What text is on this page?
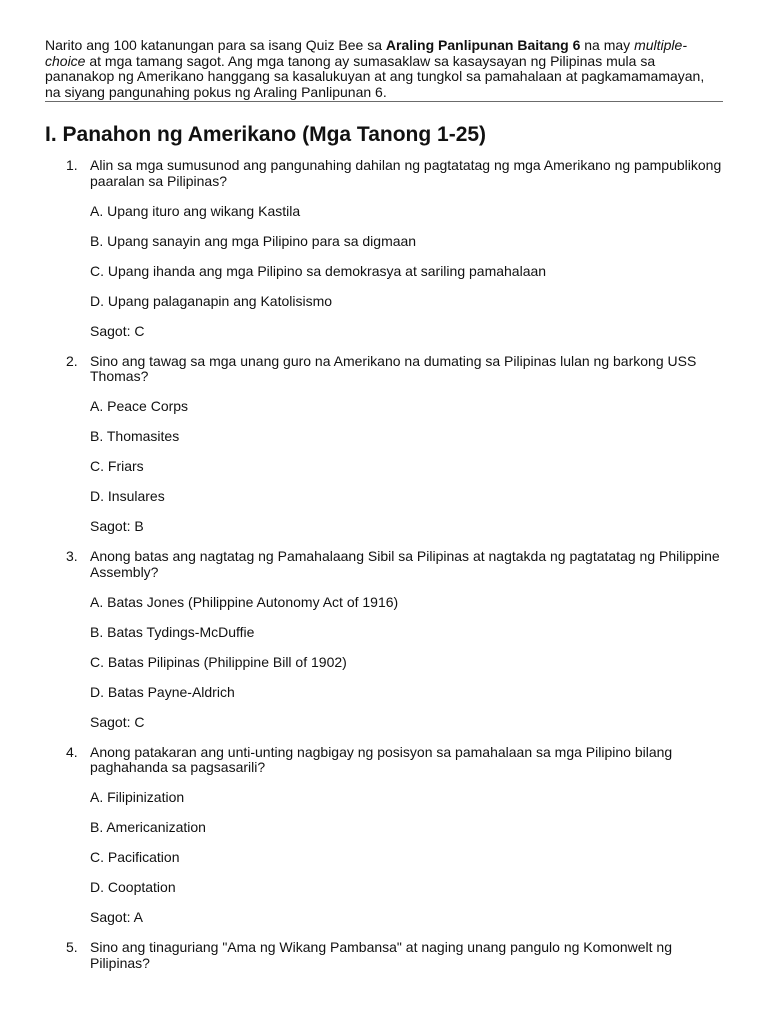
Narito ang 100 katanungan para sa isang Quiz Bee sa Araling Panlipunan Baitang 6 na may multiple-choice at mga tamang sagot. Ang mga tanong ay sumasaklaw sa kasaysayan ng Pilipinas mula sa pananakop ng Amerikano hanggang sa kasalukuyan at ang tungkol sa pamahalaan at pagkamamamayan, na siyang pangunahing pokus ng Araling Panlipunan 6.

I. Panahon ng Amerikano (Mga Tanong 1-25)
1. Alin sa mga sumusunod ang pangunahing dahilan ng pagtatatag ng mga Amerikano ng pampublikong paaralan sa Pilipinas?

A. Upang ituro ang wikang Kastila

B. Upang sanayin ang mga Pilipino para sa digmaan

C. Upang ihanda ang mga Pilipino sa demokrasya at sariling pamahalaan

D. Upang palaganapin ang Katolisismo

Sagot: C

2. Sino ang tawag sa mga unang guro na Amerikano na dumating sa Pilipinas lulan ng barkong USS Thomas?

A. Peace Corps

B. Thomasites

C. Friars

D. Insulares

Sagot: B

3. Anong batas ang nagtatag ng Pamahalaang Sibil sa Pilipinas at nagtakda ng pagtatatag ng Philippine Assembly?

A. Batas Jones (Philippine Autonomy Act of 1916)

B. Batas Tydings-McDuffie

C. Batas Pilipinas (Philippine Bill of 1902)

D. Batas Payne-Aldrich

Sagot: C

4. Anong patakaran ang unti-unting nagbigay ng posisyon sa pamahalaan sa mga Pilipino bilang paghahanda sa pagsasarili?

A. Filipinization

B. Americanization

C. Pacification

D. Cooptation

Sagot: A

5. Sino ang tinaguriang "Ama ng Wikang Pambansa" at naging unang pangulo ng Komonwelt ng Pilipinas?
